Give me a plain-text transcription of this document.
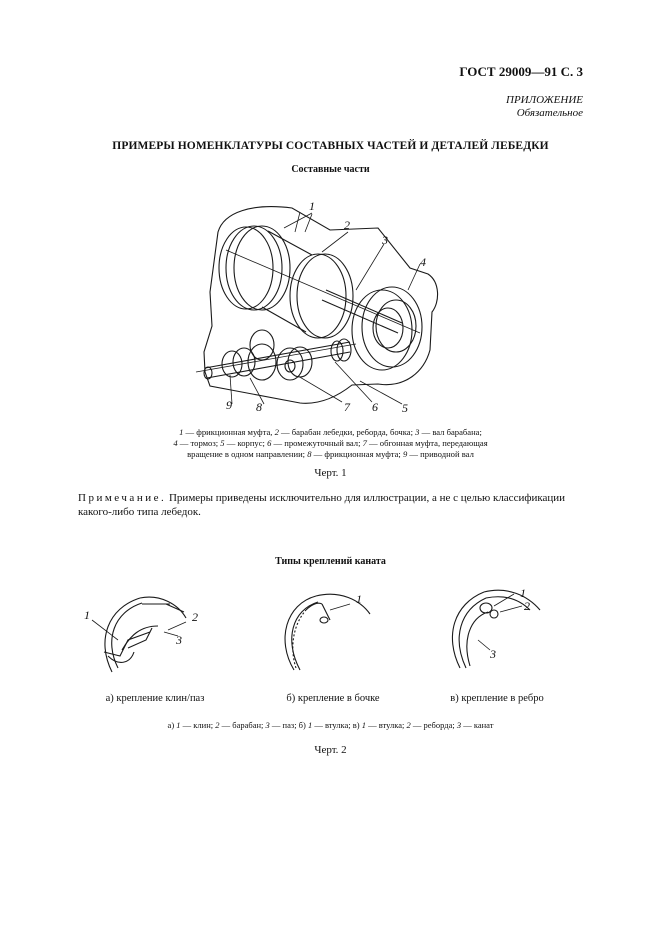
ГОСТ 29009—91 С. 3
ПРИЛОЖЕНИЕ
Обязательное
ПРИМЕРЫ НОМЕНКЛАТУРЫ СОСТАВНЫХ ЧАСТЕЙ И ДЕТАЛЕЙ ЛЕБЕДКИ
Составные части
1
2
3
4
5
6
7
8
9
1 — фрикционная муфта, 2 — барабан лебедки, реборда, бочка; 3 — вал барабана;
4 — тормоз; 5 — корпус; 6 — промежуточный вал; 7 — обгонная муфта, передающая
вращение в одном направлении; 8 — фрикционная муфта; 9 — приводной вал
Черт. 1
Примечание. Примеры приведены исключительно для иллюстрации, а не с целью классификации какого-либо типа лебедок.
Типы креплений каната
1	2
3
1	1
2
3
а) крепление клин/паз	б) крепление в бочке	в) крепление в ребро
а) 1 — клин; 2 — барабан; 3 — паз; б) 1 — втулка; в) 1 — втулка; 2 — реборда; 3 — канат
Черт. 2
